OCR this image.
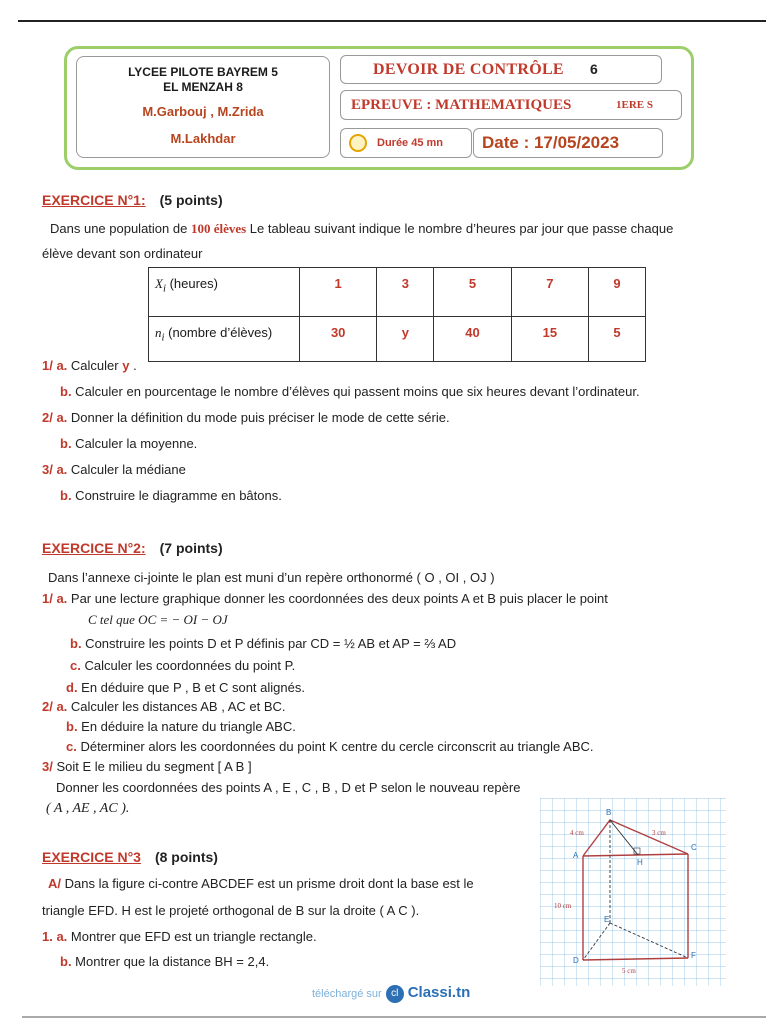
LYCEE PILOTE BAYREM 5
EL MENZAH 8
M.Garbouj , M.Zrida
M.Lakhdar
DEVOIR DE CONTRÔLE 6
EPREUVE : MATHEMATIQUES	1ERE S
Durée 45 mn Date : 17/05/2023
EXERCICE N°1: (5 points)
Dans une population de 100 élèves Le tableau suivant indique le nombre d’heures par jour que passe chaque
élève devant son ordinateur
$X_i$ (heures)	1	3	5	7	9
$n_i$ (nombre d’élèves)	30	y	40	15	5
1/ a. Calculer y .
b. Calculer en pourcentage le nombre d’élèves qui passent moins que six heures devant l’ordinateur.
2/ a. Donner la définition du mode puis préciser le mode de cette série.
b. Calculer la moyenne.
3/ a. Calculer la médiane
b. Construire le diagramme en bâtons.
EXERCICE N°2: (7 points)
Dans l’annexe ci-jointe le plan est muni d’un repère orthonormé ( O , OI , OJ )
1/ a. Par une lecture graphique donner les coordonnées des deux points A et B puis placer le point
C tel que OC = − OI − OJ
b. Construire les points D et P définis par CD = ½ AB et AP = ⅔ AD
c. Calculer les coordonnées du point P.
d. En déduire que P , B et C sont alignés.
2/ a. Calculer les distances AB , AC et BC.
b. En déduire la nature du triangle ABC.
c. Déterminer alors les coordonnées du point K centre du cercle circonscrit au triangle ABC.
3/ Soit E le milieu du segment [ A B ]
Donner les coordonnées des points A , E , C , B , D et P selon le nouveau repère
( A , AE , AC ).
EXERCICE N°3 (8 points)
A/ Dans la figure ci-contre ABCDEF est un prisme droit dont la base est le
triangle EFD. H est le projeté orthogonal de B sur la droite ( A C ).
1. a. Montrer que EFD est un triangle rectangle.
b. Montrer que la distance BH = 2,4.
B
A
H
C
E
D
F
4 cm	3 cm
10 cm
5 cm
téléchargé sur cl Classi.tn
